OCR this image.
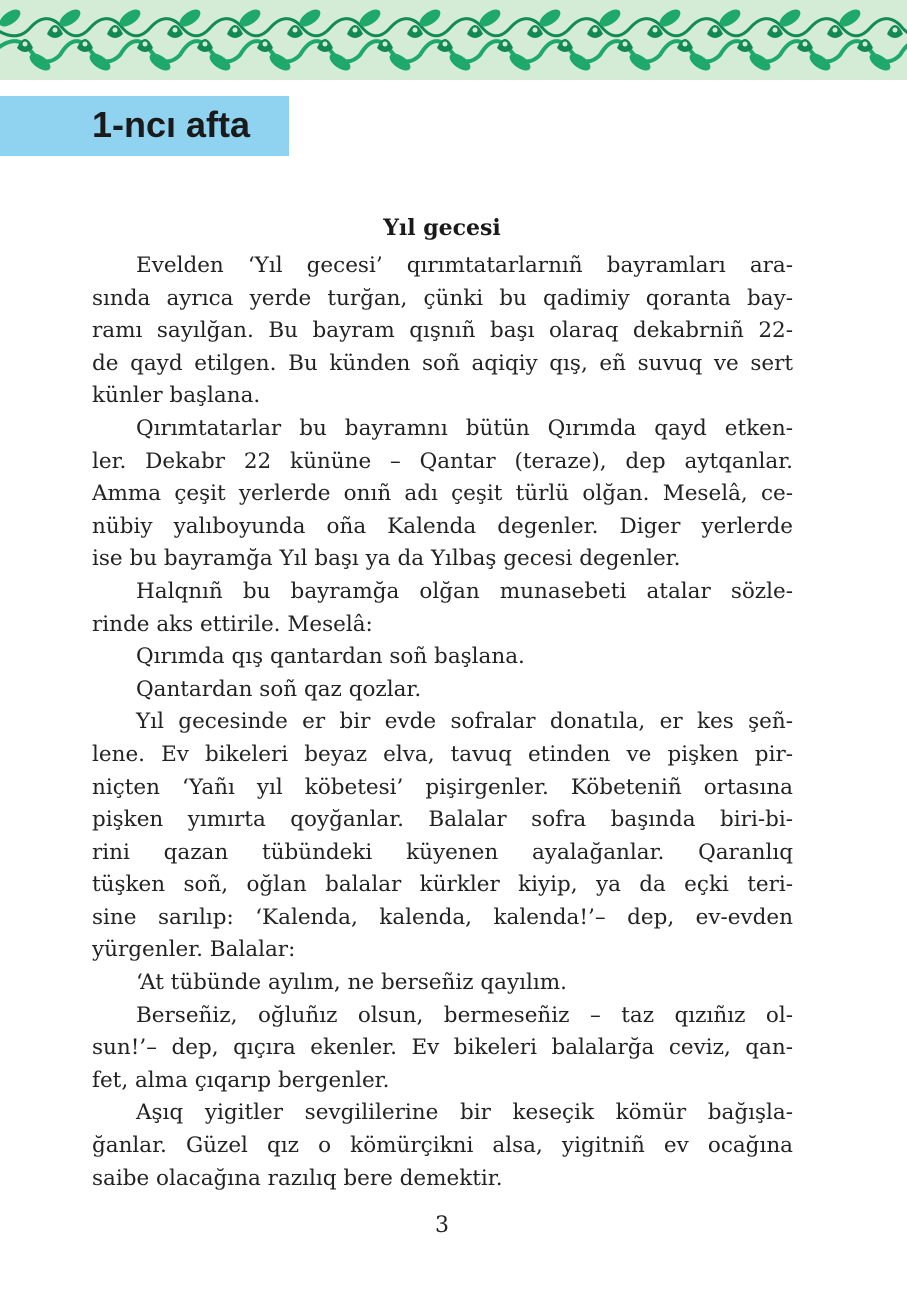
1-ncı afta
Yıl gecesi
Evelden ‘Yıl gecesi’ qırımtatarlarnıñ bayramları ara-
sında ayrıca yerde turğan, çünki bu qadimiy qoranta bay-
ramı sayılğan. Bu bayram qışnıñ başı olaraq dekabrniñ 22-
de qayd etilgen. Bu künden soñ aqiqiy qış, eñ suvuq ve sert
künler başlana.
Qırımtatarlar bu bayramnı bütün Qırımda qayd etken-
ler. Dekabr 22 kününe – Qantar (teraze), dep aytqanlar.
Amma çeşit yerlerde onıñ adı çeşit türlü olğan. Meselâ, ce-
nübiy yalıboyunda oña Kalenda degenler. Diger yerlerde
ise bu bayramğa Yıl başı ya da Yılbaş gecesi degenler.
Halqnıñ bu bayramğa olğan munasebeti atalar sözle-
rinde aks ettirile. Meselâ:
Qırımda qış qantardan soñ başlana.
Qantardan soñ qaz qozlar.
Yıl gecesinde er bir evde sofralar donatıla, er kes şeñ-
lene. Ev bikeleri beyaz elva, tavuq etinden ve pişken pir-
niçten ‘Yañı yıl köbetesi’ pişirgenler. Köbeteniñ ortasına
pişken yımırta qoyğanlar. Balalar sofra başında biri-bi-
rini qazan tübündeki küyenen ayalağanlar. Qaranlıq
tüşken soñ, oğlan balalar kürkler kiyip, ya da eçki teri-
sine sarılıp: ‘Kalenda, kalenda, kalenda!’– dep, ev-evden
yürgenler. Balalar:
‘At tübünde ayılım, ne berseñiz qayılım.
Berseñiz, oğluñız olsun, bermeseñiz – taz qızıñız ol-
sun!’– dep, qıçıra ekenler. Ev bikeleri balalarğa ceviz, qan-
fet, alma çıqarıp bergenler.
Aşıq yigitler sevgililerine bir keseçik kömür bağışla-
ğanlar. Güzel qız o kömürçikni alsa, yigitniñ ev ocağına
saibe olacağına razılıq bere demektir.
3
